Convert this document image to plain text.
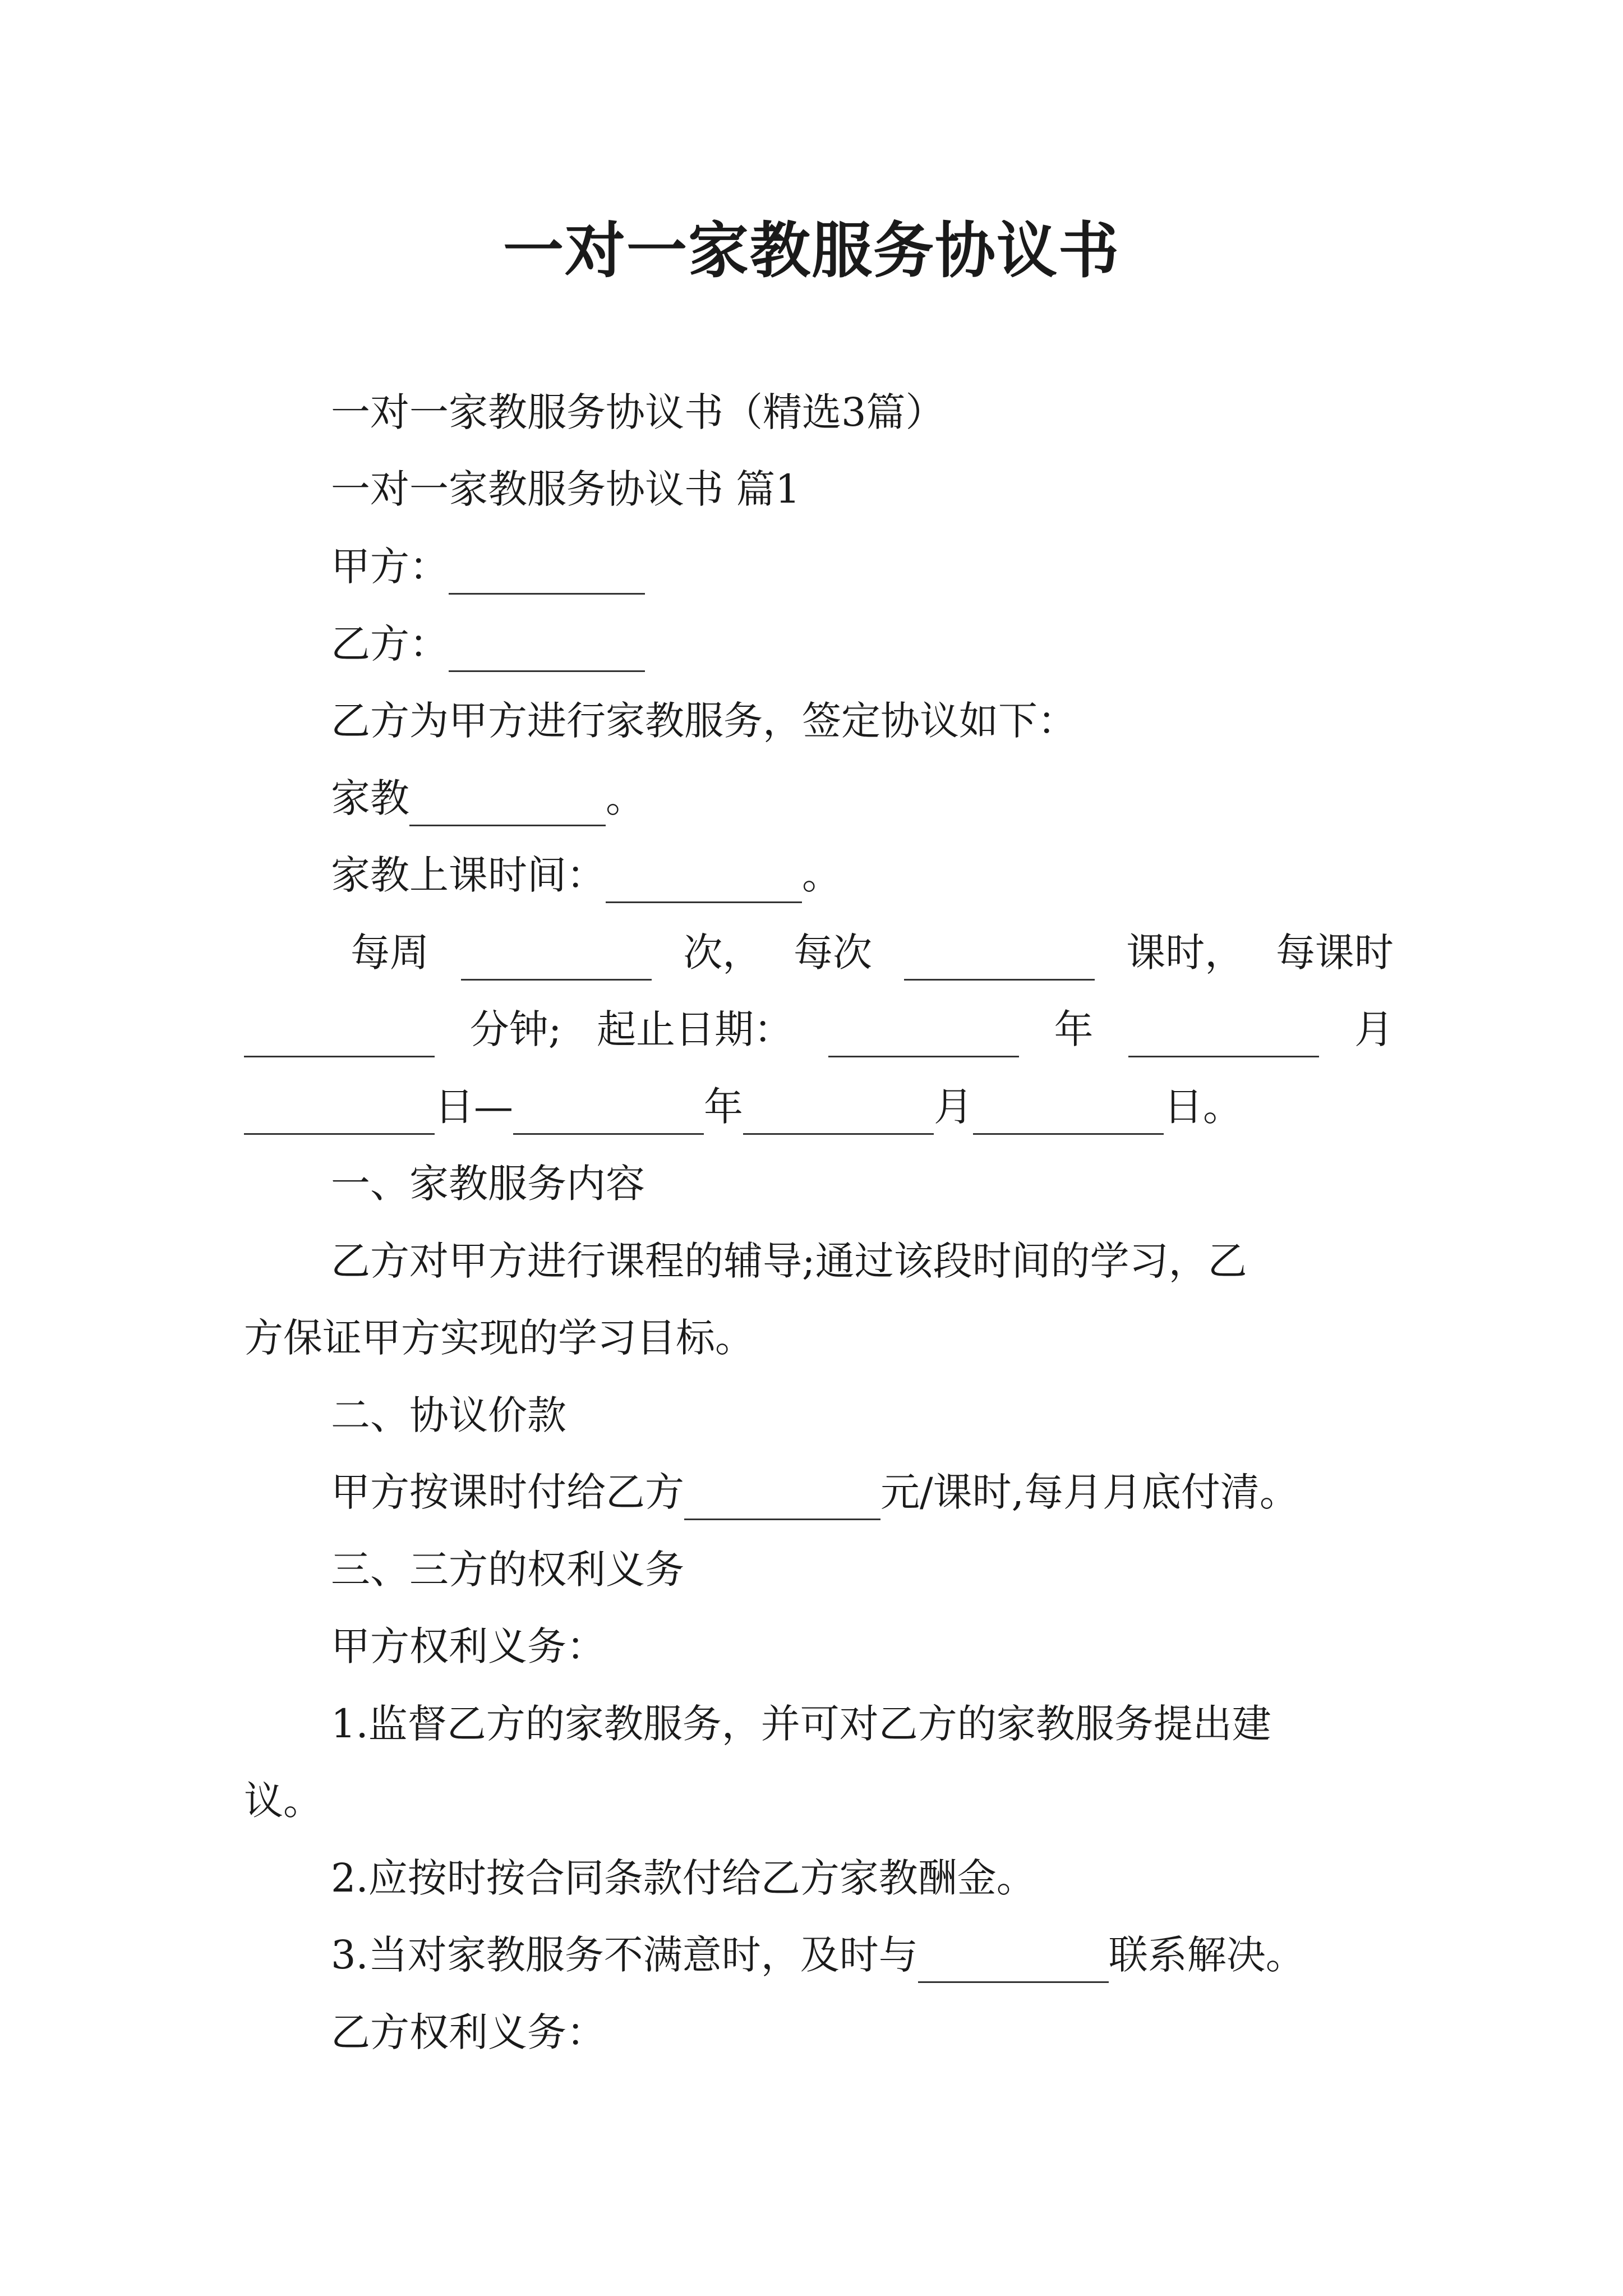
一对一家教服务协议书
一对一家教服务协议书（精选3篇）
一对一家教服务协议书 篇1
甲方：
乙方：
乙方为甲方进行家教服务，签定协议如下：
家教	。
家教上课时间：	。
每周	次， 每次	课时， 每课时
分钟; 起止日期：	年	月
日—	年	月	日。
一、家教服务内容
乙方对甲方进行课程的辅导;通过该段时间的学习，乙
方保证甲方实现的学习目标。
二、协议价款
甲方按课时付给乙方	元/课时,每月月底付清。
三、三方的权利义务
甲方权利义务：
1.监督乙方的家教服务，并可对乙方的家教服务提出建
议。
2.应按时按合同条款付给乙方家教酬金。
3.当对家教服务不满意时，及时与	联系解决。
乙方权利义务：
